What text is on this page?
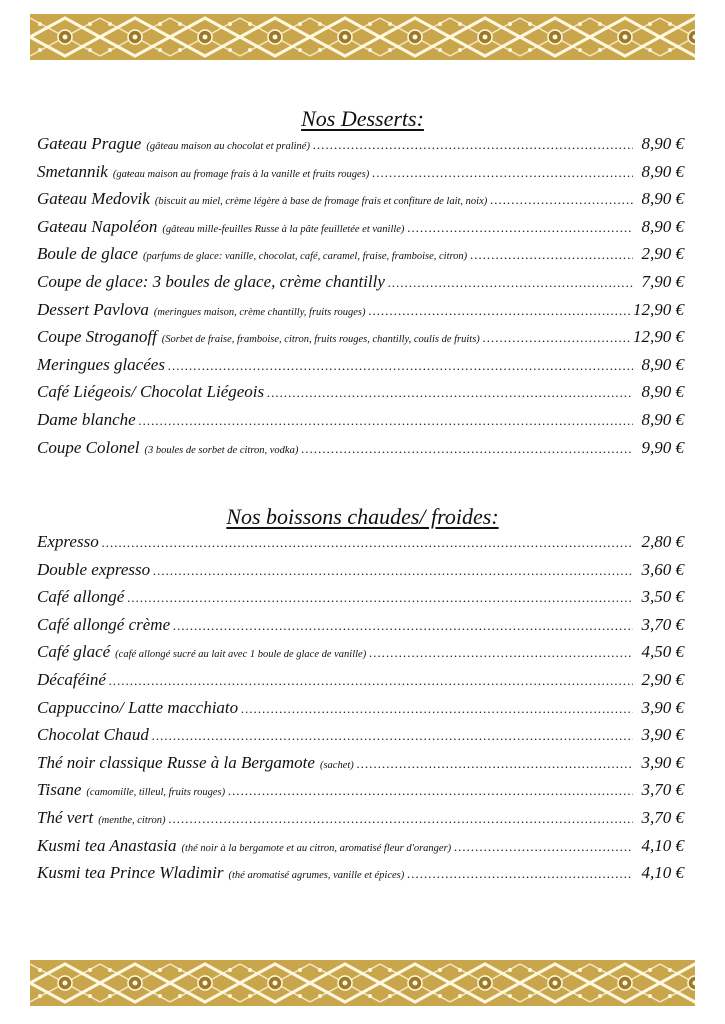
Nos Desserts:
Gaŧeau Prague (gâteau maison au chocolat et praliné) .....	8,90 €
Smetannik (gaŧeau maison au fromage frais à la vanille et fruits rouges) .....	8,90 €
Gaŧeau Medovik (biscuit au miel, crème légère à base de fromage frais et confiture de lait, noix) .....	8,90 €
Gaŧeau Napoléon (gâteau mille-feuilles Russe à la pâte feuilletée et vanille) .....	8,90 €
Boule de glace (parfums de glace: vanille, chocolat, café, caramel, fraise, framboise, citron) .....	2,90 €
Coupe de glace: 3 boules de glace, crème chantilly .....	7,90 €
Dessert Pavlova (meringues maison, crème chantilly, fruits rouges) .....	12,90 €
Coupe Stroganoff (Sorbet de fraise, framboise, citron, fruits rouges, chantilly, coulis de fruits) .....	12,90 €
Meringues glacées .....	8,90 €
Café Liégeois/ Chocolat Liégeois .....	8,90 €
Dame blanche .....	8,90 €
Coupe Colonel (3 boules de sorbet de citron, vodka) .....	9,90 €
Nos boissons chaudes/ froides:
Expresso .....	2,80 €
Double expresso .....	3,60 €
Café allongé .....	3,50 €
Café allongé crème .....	3,70 €
Café glacé (café allongé sucré au lait avec 1 boule de glace de vanille) .....	4,50 €
Décaféiné .....	2,90 €
Cappuccino/ Latte macchiato .....	3,90 €
Chocolat Chaud .....	3,90 €
Thé noir classique Russe à la Bergamote (sachet) .....	3,90 €
Tisane (camomille, tilleul, fruits rouges) .....	3,70 €
Thé vert (menthe, citron) .....	3,70 €
Kusmi tea Anastasia (thé noir à la bergamote et au citron, aromatisé fleur d'oranger) .....	4,10 €
Kusmi tea Prince Wladimir (thé aromatisé agrumes, vanille et épices) .....	4,10 €
